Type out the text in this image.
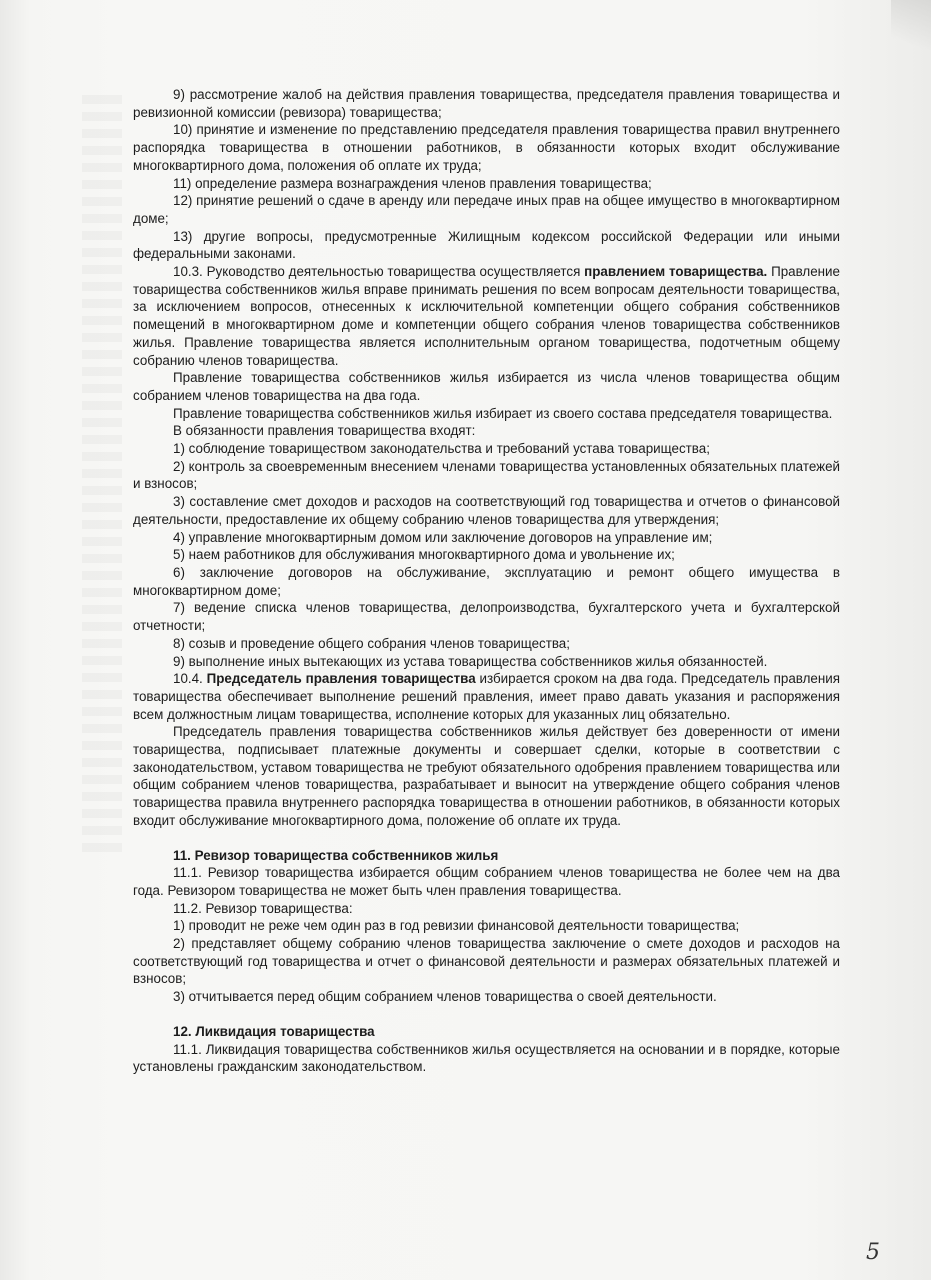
9) рассмотрение жалоб на действия правления товарищества, председателя правления товарищества и ревизионной комиссии (ревизора) товарищества;

10) принятие и изменение по представлению председателя правления товарищества правил внутреннего распорядка товарищества в отношении работников, в обязанности которых входит обслуживание многоквартирного дома, положения об оплате их труда;

11) определение размера вознаграждения членов правления товарищества;

12) принятие решений о сдаче в аренду или передаче иных прав на общее имущество в многоквартирном доме;

13) другие вопросы, предусмотренные Жилищным кодексом российской Федерации или иными федеральными законами.

10.3. Руководство деятельностью товарищества осуществляется правлением товарищества. Правление товарищества собственников жилья вправе принимать решения по всем вопросам деятельности товарищества, за исключением вопросов, отнесенных к исключительной компетенции общего собрания собственников помещений в многоквартирном доме и компетенции общего собрания членов товарищества собственников жилья. Правление товарищества является исполнительным органом товарищества, подотчетным общему собранию членов товарищества.

Правление товарищества собственников жилья избирается из числа членов товарищества общим собранием членов товарищества на два года.

Правление товарищества собственников жилья избирает из своего состава председателя товарищества.

В обязанности правления товарищества входят:

1) соблюдение товариществом законодательства и требований устава товарищества;

2) контроль за своевременным внесением членами товарищества установленных обязательных платежей и взносов;

3) составление смет доходов и расходов на соответствующий год товарищества и отчетов о финансовой деятельности, предоставление их общему собранию членов товарищества для утверждения;

4) управление многоквартирным домом или заключение договоров на управление им;

5) наем работников для обслуживания многоквартирного дома и увольнение их;

6) заключение договоров на обслуживание, эксплуатацию и ремонт общего имущества в многоквартирном доме;

7) ведение списка членов товарищества, делопроизводства, бухгалтерского учета и бухгалтерской отчетности;

8) созыв и проведение общего собрания членов товарищества;

9) выполнение иных вытекающих из устава товарищества собственников жилья обязанностей.

10.4. Председатель правления товарищества избирается сроком на два года. Председатель правления товарищества обеспечивает выполнение решений правления, имеет право давать указания и распоряжения всем должностным лицам товарищества, исполнение которых для указанных лиц обязательно.

Председатель правления товарищества собственников жилья действует без доверенности от имени товарищества, подписывает платежные документы и совершает сделки, которые в соответствии с законодательством, уставом товарищества не требуют обязательного одобрения правлением товарищества или общим собранием членов товарищества, разрабатывает и выносит на утверждение общего собрания членов товарищества правила внутреннего распорядка товарищества в отношении работников, в обязанности которых входит обслуживание многоквартирного дома, положение об оплате их труда.

11. Ревизор товарищества собственников жилья

11.1. Ревизор товарищества избирается общим собранием членов товарищества не более чем на два года. Ревизором товарищества не может быть член правления товарищества.

11.2. Ревизор товарищества:

1) проводит не реже чем один раз в год ревизии финансовой деятельности товарищества;

2) представляет общему собранию членов товарищества заключение о смете доходов и расходов на соответствующий год товарищества и отчет о финансовой деятельности и размерах обязательных платежей и взносов;

3) отчитывается перед общим собранием членов товарищества о своей деятельности.

12. Ликвидация товарищества

11.1. Ликвидация товарищества собственников жилья осуществляется на основании и в порядке, которые установлены гражданским законодательством.

5
